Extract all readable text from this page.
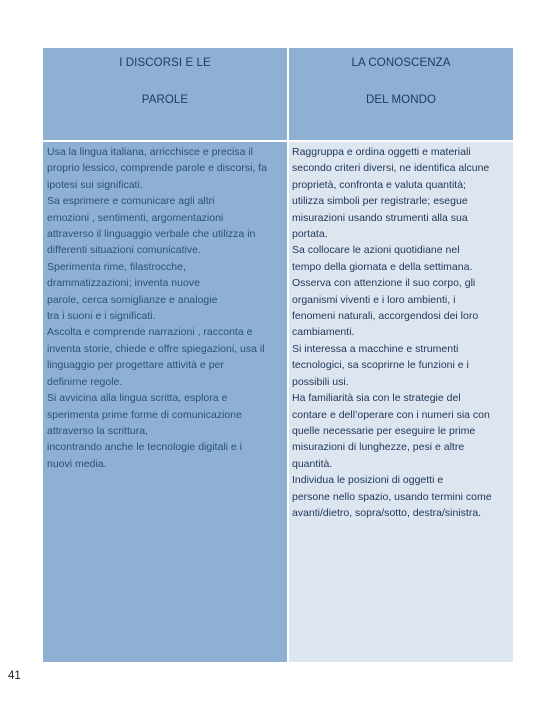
I DISCORSI E LE
PAROLE
LA CONOSCENZA
DEL MONDO

Usa la lingua italiana, arricchisce e precisa il
proprio lessico, comprende parole e discorsi, fa
ipotesi sui significati.
Sa esprimere e comunicare agli altri
emozioni , sentimenti, argomentazioni
attraverso il linguaggio verbale che utilizza in
differenti situazioni comunicative.
Sperimenta rime, filastrocche,
drammatizzazioni; inventa nuove
parole, cerca somiglianze e analogie
tra i suoni e i significati.
Ascolta e comprende narrazioni , racconta e
inventa storie, chiede e offre spiegazioni, usa il
linguaggio per progettare attività e per
definirne regole.
Si avvicina alla lingua scritta, esplora e
sperimenta prime forme di comunicazione
attraverso la scrittura,
incontrando anche le tecnologie digitali e i
nuovi media.

Raggruppa e ordina oggetti e materiali
secondo criteri diversi, ne identifica alcune
proprietà, confronta e valuta quantità;
utilizza simboli per registrarle; esegue
misurazioni usando strumenti alla sua
portata.
Sa collocare le azioni quotidiane nel
tempo della giornata e della settimana.
Osserva con attenzione il suo corpo, gli
organismi viventi e i loro ambienti, i
fenomeni naturali, accorgendosi dei loro
cambiamenti.
Si interessa a macchine e strumenti
tecnologici, sa scoprirne le funzioni e i
possibili usi.
Ha familiarità sia con le strategie del
contare e dell’operare con i numeri sia con
quelle necessarie per eseguire le prime
misurazioni di lunghezze, pesi e altre
quantità.
Individua le posizioni di oggetti e
persone nello spazio, usando termini come
avanti/dietro, sopra/sotto, destra/sinistra.

41
